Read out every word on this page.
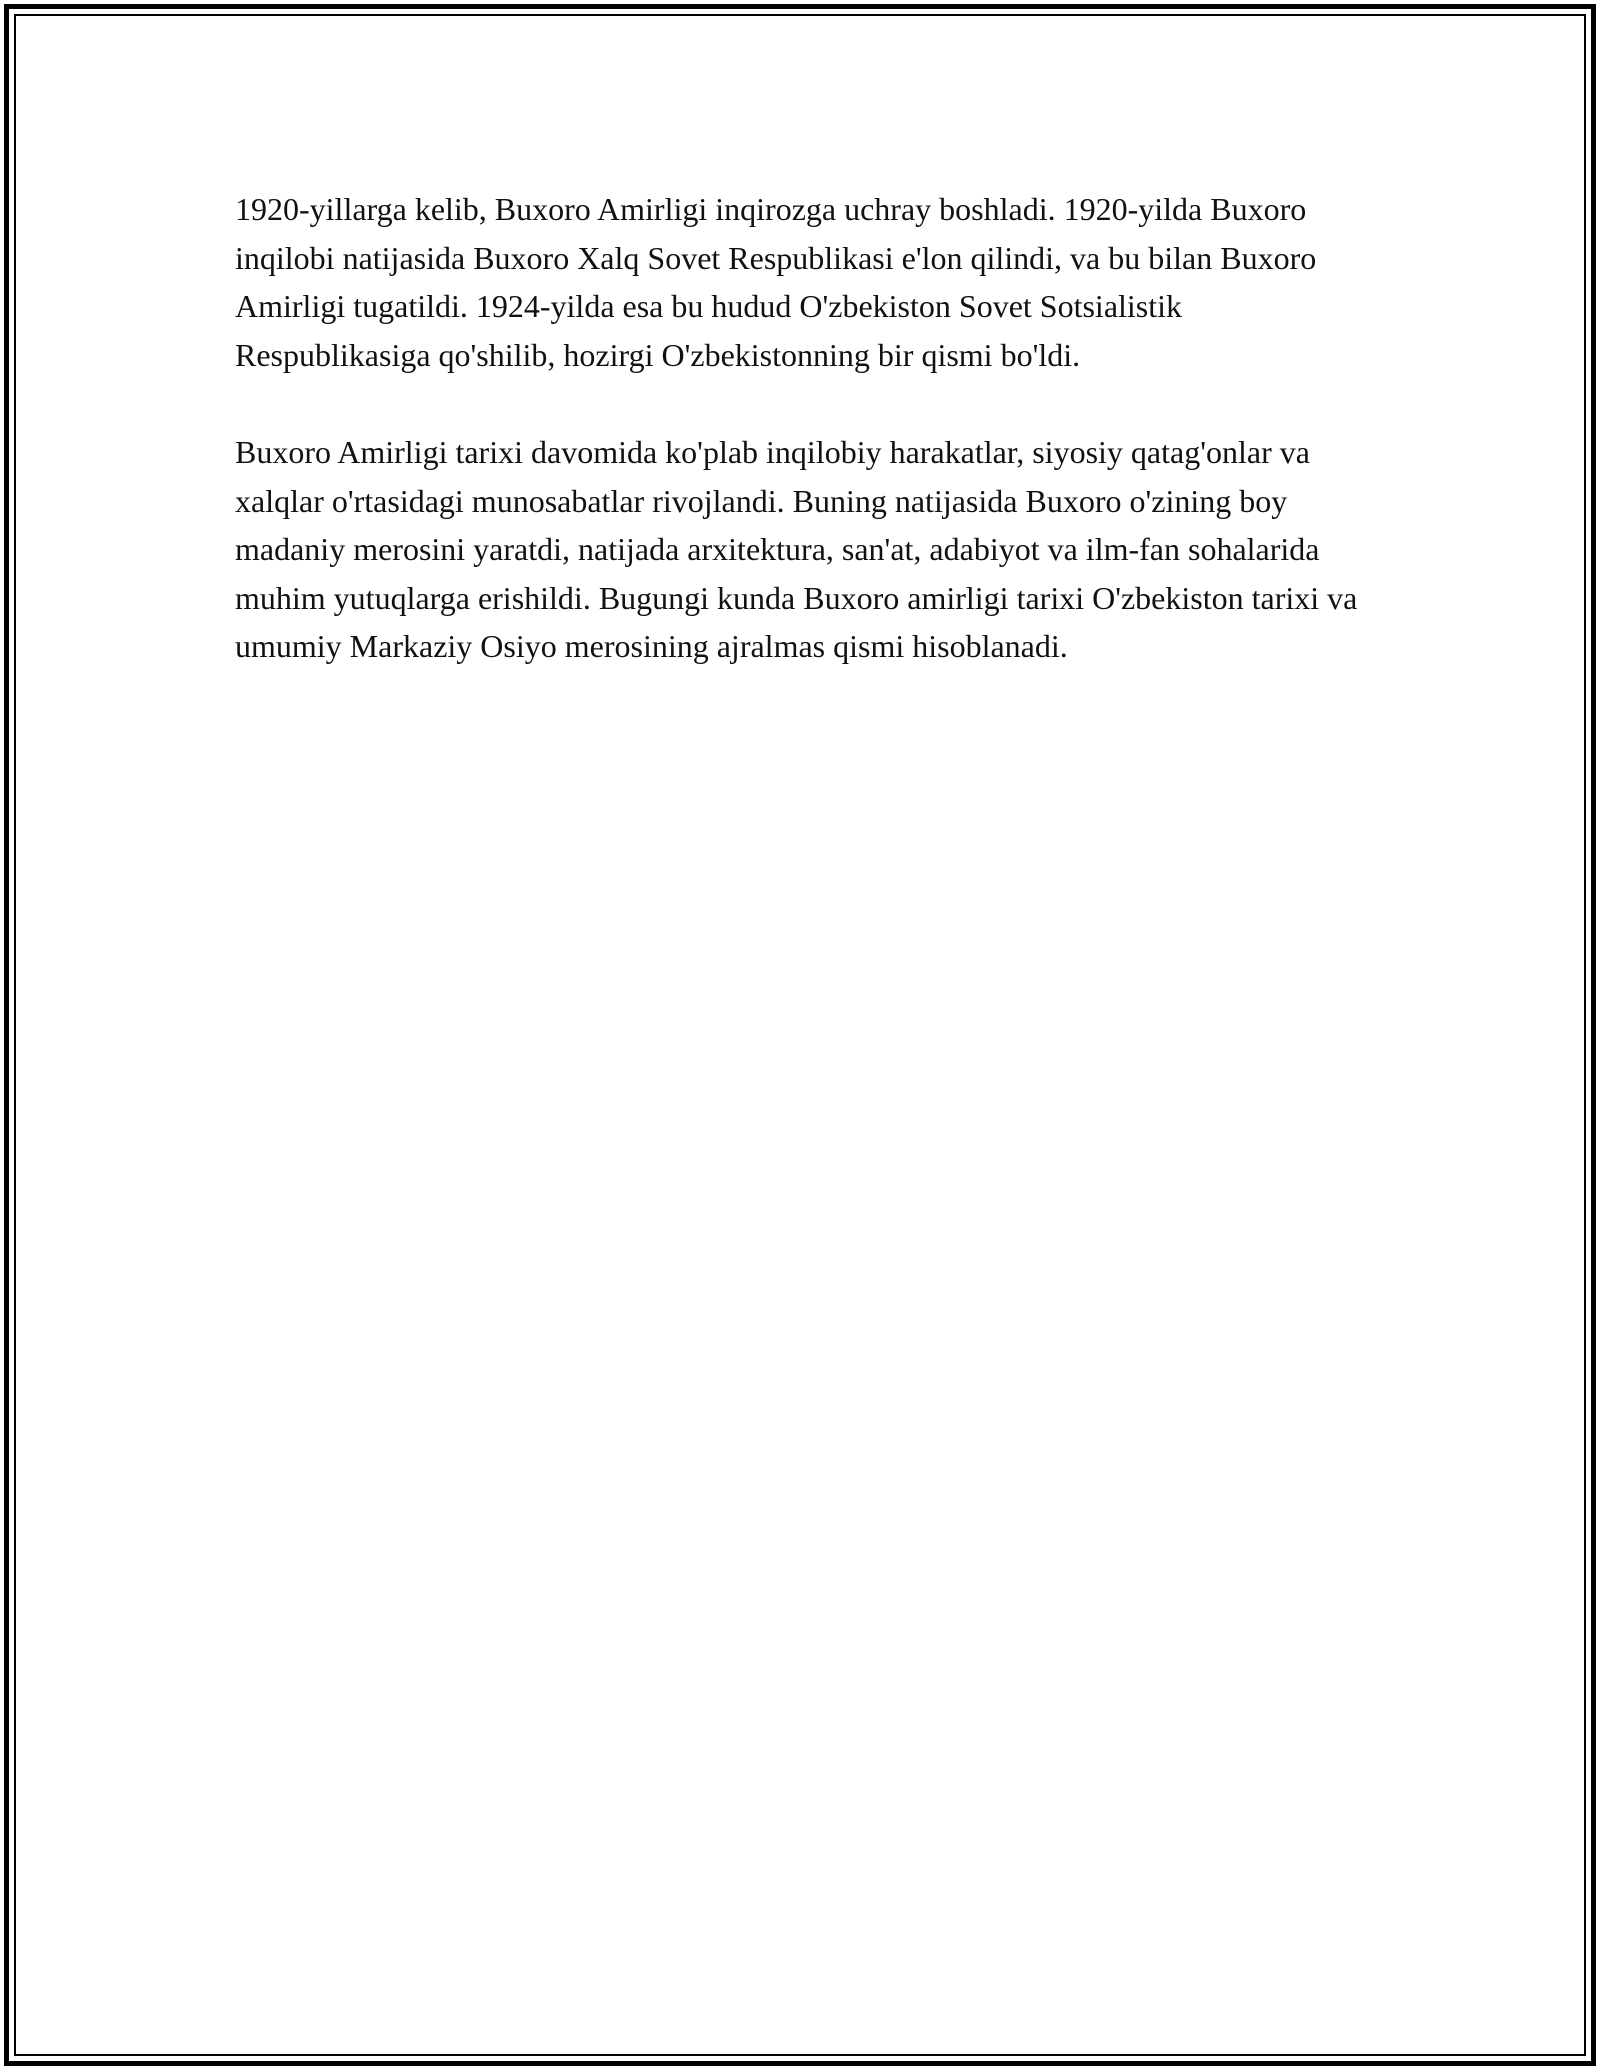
1920-yillarga kelib, Buxoro Amirligi inqirozga uchray boshladi. 1920-yilda Buxoro inqilobi natijasida Buxoro Xalq Sovet Respublikasi e'lon qilindi, va bu bilan Buxoro Amirligi tugatildi. 1924-yilda esa bu hudud O'zbekiston Sovet Sotsialistik Respublikasiga qo'shilib, hozirgi O'zbekistonning bir qismi bo'ldi.

Buxoro Amirligi tarixi davomida ko'plab inqilobiy harakatlar, siyosiy qatag'onlar va xalqlar o'rtasidagi munosabatlar rivojlandi. Buning natijasida Buxoro o'zining boy madaniy merosini yaratdi, natijada arxitektura, san'at, adabiyot va ilm-fan sohalarida muhim yutuqlarga erishildi. Bugungi kunda Buxoro amirligi tarixi O'zbekiston tarixi va umumiy Markaziy Osiyo merosining ajralmas qismi hisoblanadi.
